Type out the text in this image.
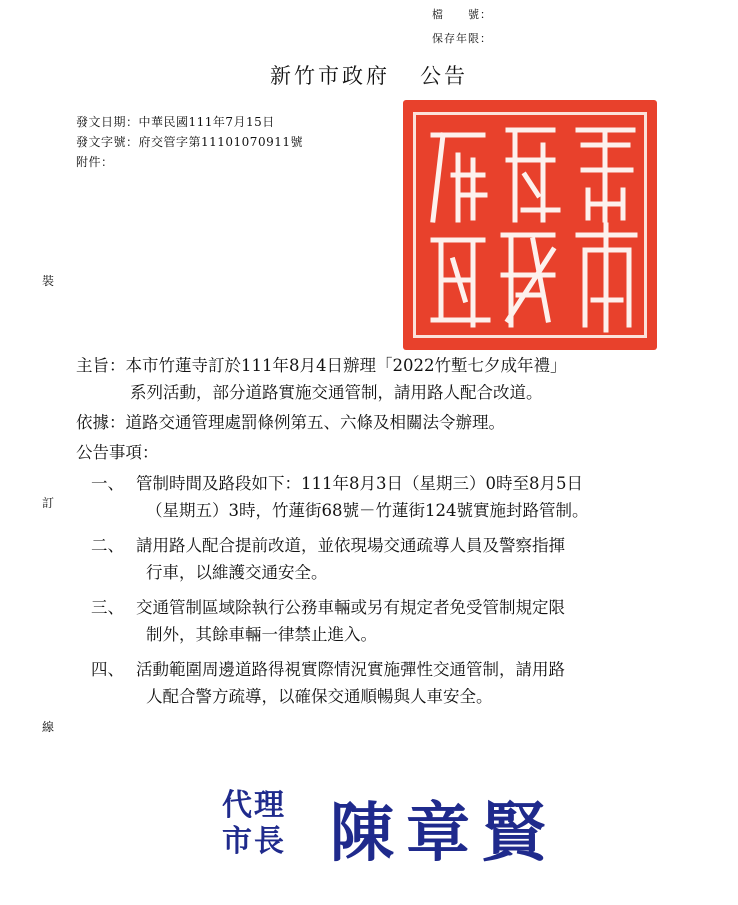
檔　　號：
保存年限：
新竹市政府 公告
發文日期：中華民國111年7月15日
發文字號：府交管字第11101070911號
附件：
裝
訂
線
主旨：本市竹蓮寺訂於111年8月4日辦理「2022竹塹七夕成年禮」
系列活動，部分道路實施交通管制，請用路人配合改道。
依據：道路交通管理處罰條例第五、六條及相關法令辦理。
公告事項：
一、 管制時間及路段如下：111年8月3日（星期三）0時至8月5日
（星期五）3時，竹蓮街68號－竹蓮街124號實施封路管制。
二、 請用路人配合提前改道，並依現場交通疏導人員及警察指揮
行車，以維護交通安全。
三、 交通管制區域除執行公務車輛或另有規定者免受管制規定限
制外，其餘車輛一律禁止進入。
四、 活動範圍周邊道路得視實際情況實施彈性交通管制，請用路
人配合警方疏導，以確保交通順暢與人車安全。
代理市長 陳章賢
